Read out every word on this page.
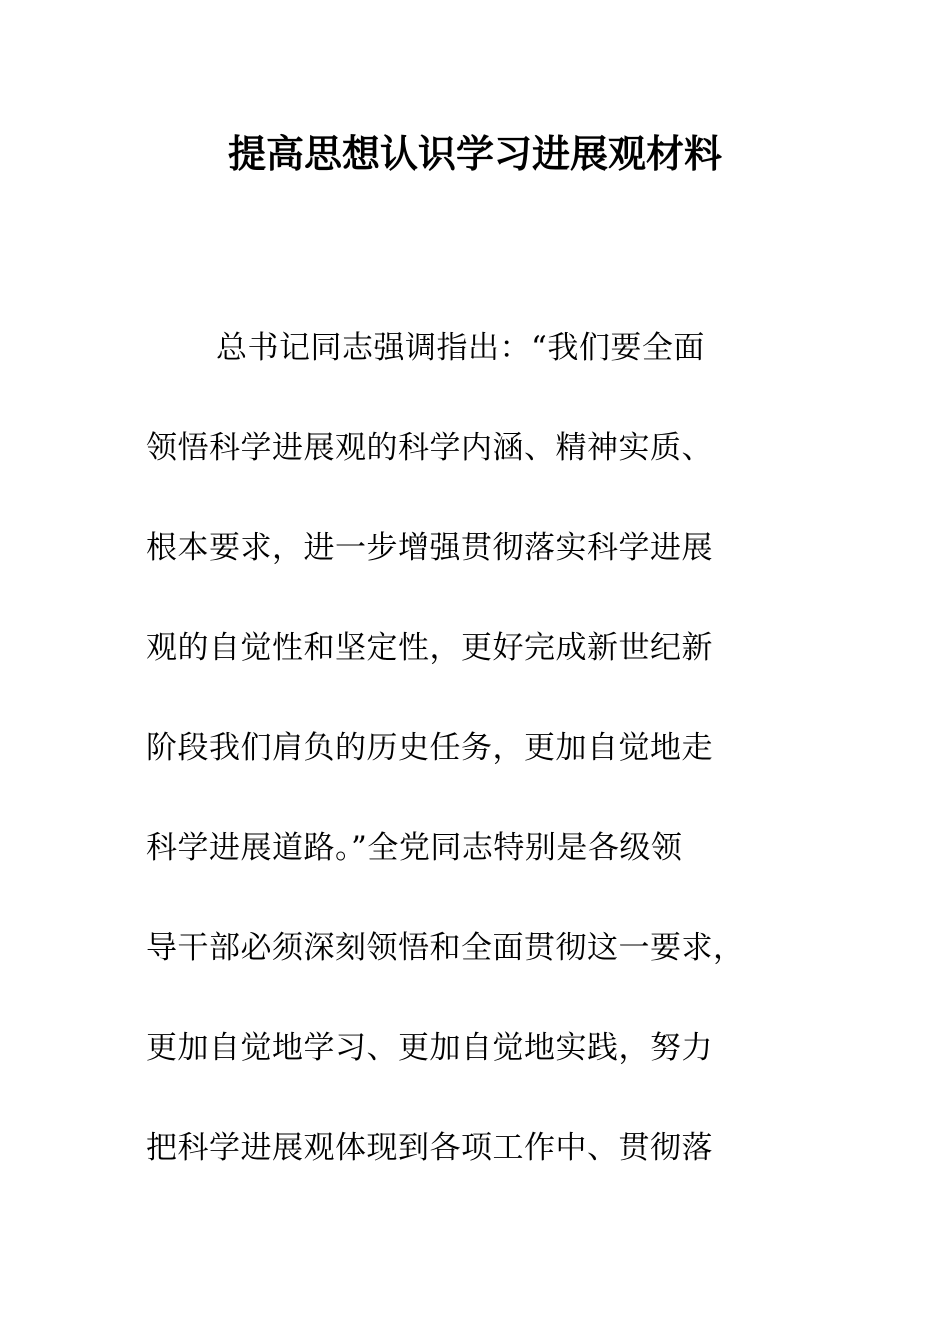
提高思想认识学习进展观材料
总书记同志强调指出：“我们要全面
领悟科学进展观的科学内涵、精神实质、
根本要求，进一步增强贯彻落实科学进展
观的自觉性和坚定性，更好完成新世纪新
阶段我们肩负的历史任务，更加自觉地走
科学进展道路。”全党同志特别是各级领
导干部必须深刻领悟和全面贯彻这一要求，
更加自觉地学习、更加自觉地实践，努力
把科学进展观体现到各项工作中、贯彻落
